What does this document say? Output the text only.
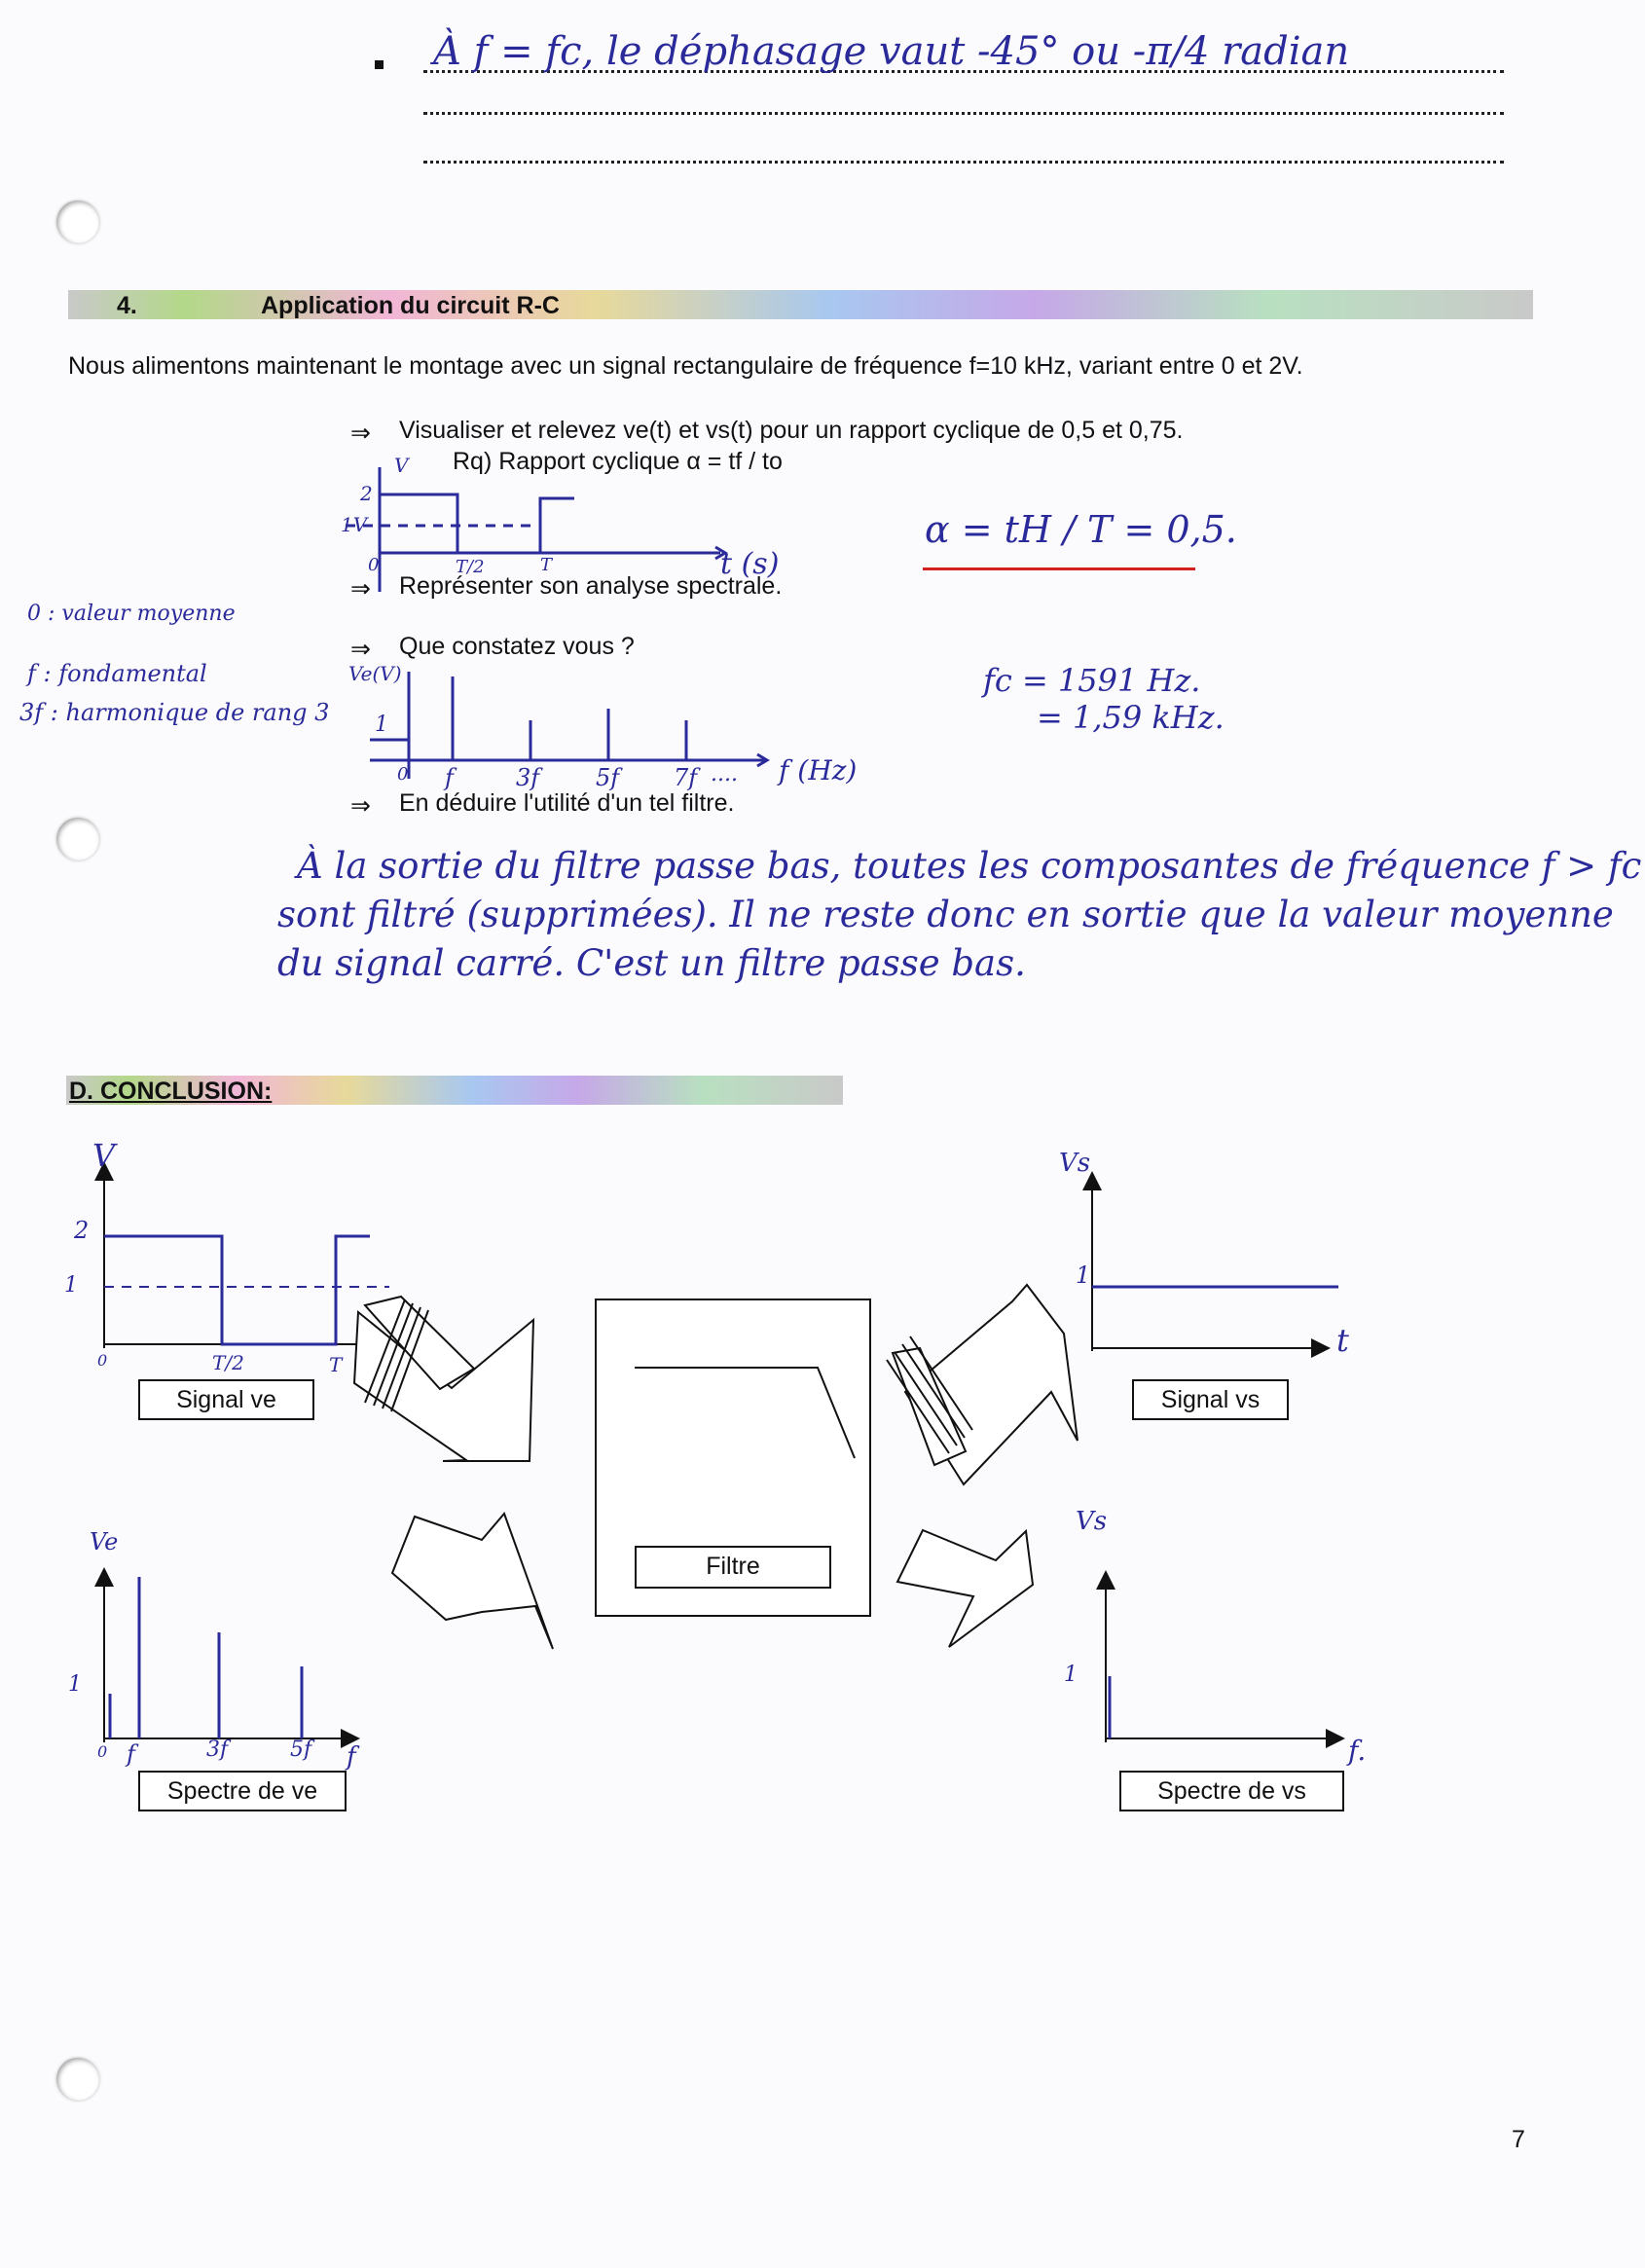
À f = fc, le déphasage vaut -45° ou -π/4 radian
4.	Application du circuit R-C
Nous alimentons maintenant le montage avec un signal rectangulaire de fréquence f=10 kHz, variant entre 0 et 2V.
⇒ Visualiser et relevez ve(t) et vs(t) pour un rapport cyclique de 0,5 et 0,75.
Rq) Rapport cyclique α = tf / to
⇒ Représenter son analyse spectrale.
⇒ Que constatez vous ?
⇒ En déduire l'utilité d'un tel filtre.
0 : valeur moyenne
f : fondamental
3f : harmonique de rang 3
α = tH / T = 0,5.
fc = 1591 Hz.
= 1,59 kHz.
V
2
1V
0	T/2	T	t (s)
Ve(V)
1
0 f	3f 5f 7f .... f (Hz)
À la sortie du filtre passe bas, toutes les composantes de fréquence f > fc
sont filtré (supprimées). Il ne reste donc en sortie que la valeur moyenne
du signal carré. C'est un filtre passe bas.
D. CONCLUSION:
V
2
1
0	T/2	T
Signal ve	Signal vs
Filtre
Spectre de ve	Spectre de vs
Vs
1
t
Ve
1
0 f	3f	5f f
Vs
1
f.
7
